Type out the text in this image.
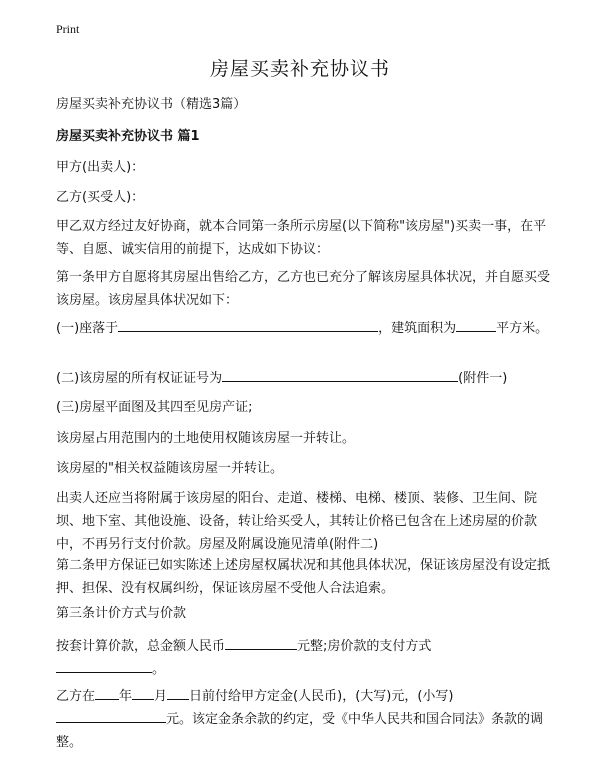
Print
房屋买卖补充协议书

房屋买卖补充协议书（精选3篇）

房屋买卖补充协议书 篇1

甲方(出卖人)：

乙方(买受人)：

甲乙双方经过友好协商，就本合同第一条所示房屋(以下简称"该房屋")买卖一事，在平等、自愿、诚实信用的前提下，达成如下协议：

第一条甲方自愿将其房屋出售给乙方，乙方也已充分了解该房屋具体状况，并自愿买受该房屋。该房屋具体状况如下：

(一)座落于	，建筑面积为	平方米。

(二)该房屋的所有权证证号为	(附件一)

(三)房屋平面图及其四至见房产证;

该房屋占用范围内的土地使用权随该房屋一并转让。

该房屋的"相关权益随该房屋一并转让。

出卖人还应当将附属于该房屋的阳台、走道、楼梯、电梯、楼顶、装修、卫生间、院坝、地下室、其他设施、设备，转让给买受人，其转让价格已包含在上述房屋的价款中，不再另行支付价款。房屋及附属设施见清单(附件二)

第二条甲方保证已如实陈述上述房屋权属状况和其他具体状况，保证该房屋没有设定抵押、担保、没有权属纠纷，保证该房屋不受他人合法追索。

第三条计价方式与价款

按套计算价款，总金额人民币	元整;房价款的支付方式
。

乙方在 年 月 日前付给甲方定金(人民币)，(大写)元，(小写)元。该定金条余款的约定，受《中华人民共和国合同法》条款的调整。
